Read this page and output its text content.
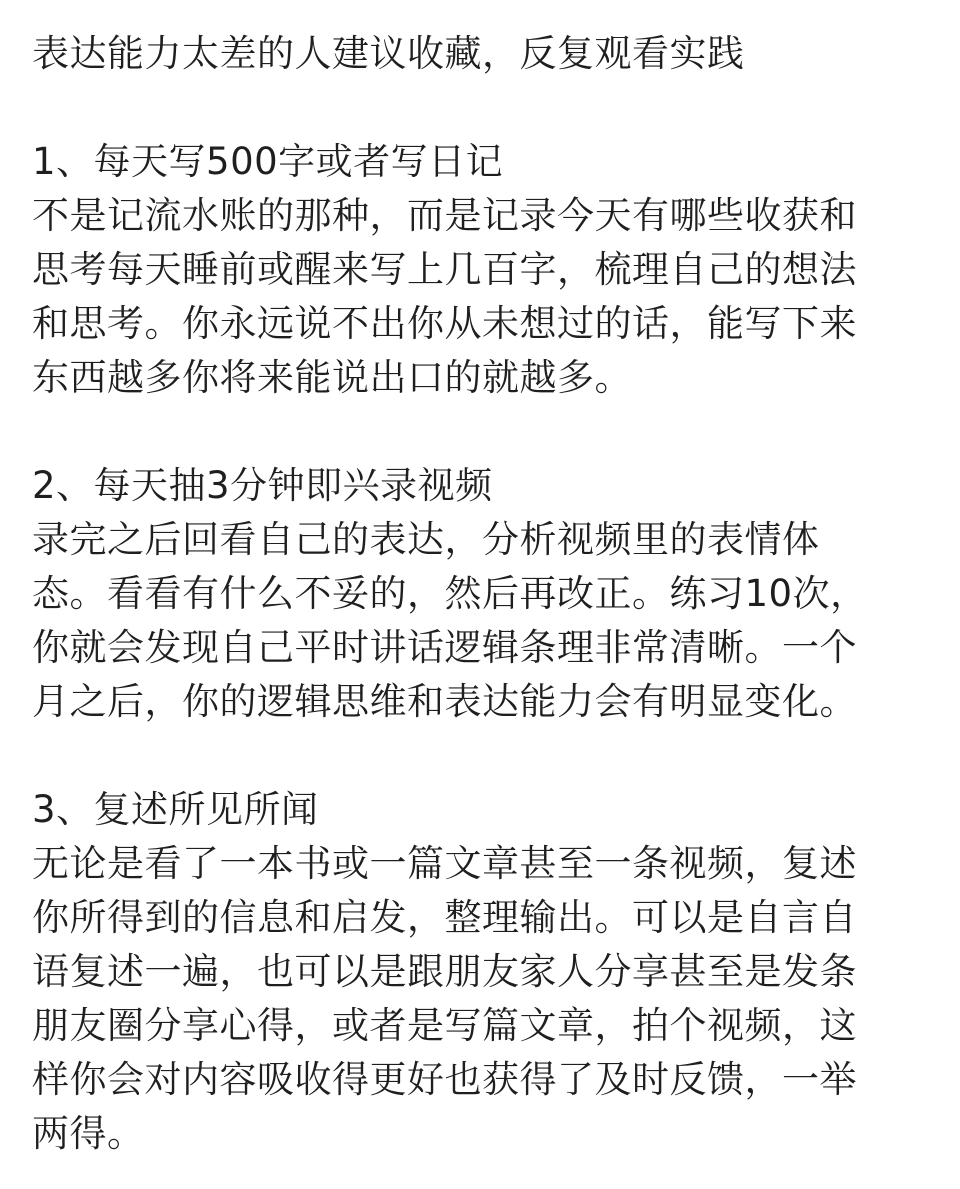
表达能力太差的人建议收藏，反复观看实践
1、每天写500字或者写日记

不是记流水账的那种，而是记录今天有哪些收获和

思考每天睡前或醒来写上几百字，梳理自己的想法

和思考。你永远说不出你从未想过的话，能写下来

东西越多你将来能说出口的就越多。

2、每天抽3分钟即兴录视频

录完之后回看自己的表达，分析视频里的表情体

态。看看有什么不妥的，然后再改正。练习10次，

你就会发现自己平时讲话逻辑条理非常清晰。一个

月之后，你的逻辑思维和表达能力会有明显变化。

3、复述所见所闻

无论是看了一本书或一篇文章甚至一条视频，复述

你所得到的信息和启发，整理输出。可以是自言自

语复述一遍，也可以是跟朋友家人分享甚至是发条

朋友圈分享心得，或者是写篇文章，拍个视频，这

样你会对内容吸收得更好也获得了及时反馈，一举

两得。
